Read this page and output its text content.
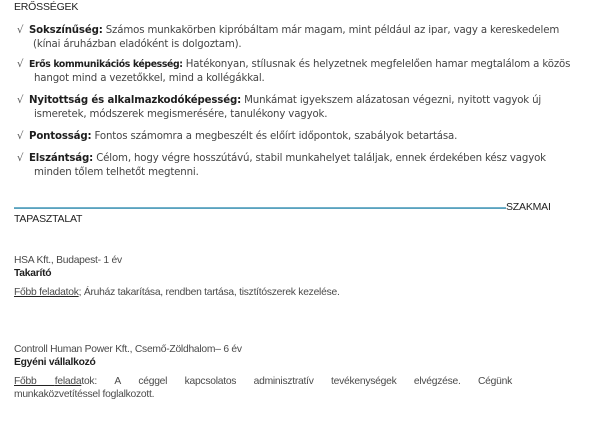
ERŐSSÉGEK
√ Sokszínűség: Számos munkakörben kipróbáltam már magam, mint például az ipar, vagy a kereskedelem
(kínai áruházban eladóként is dolgoztam).
√ Erős kommunikációs képesség: Hatékonyan, stílusnak és helyzetnek megfelelően hamar megtalálom a közös
hangot mind a vezetőkkel, mind a kollégákkal.
√ Nyitottság és alkalmazkodóképesség: Munkámat igyekszem alázatosan végezni, nyitott vagyok új
ismeretek, módszerek megismerésére, tanulékony vagyok.
√ Pontosság: Fontos számomra a megbeszélt és előírt időpontok, szabályok betartása.
√ Elszántság: Célom, hogy végre hosszútávú, stabil munkahelyet találjak, ennek érdekében kész vagyok
minden tőlem telhetőt megtenni.
SZAKMAI
TAPASZTALAT
HSA Kft., Budapest- 1 év
Takarító
Főbb feladatok; Áruház takarítása, rendben tartása, tisztítószerek kezelése.
Controll Human Power Kft., Csemő-Zöldhalom– 6 év
Egyéni vállalkozó
Főbb feladatok: A céggel kapcsolatos adminisztratív tevékenységek elvégzése. Cégünk
munkaközvetítéssel foglalkozott.
